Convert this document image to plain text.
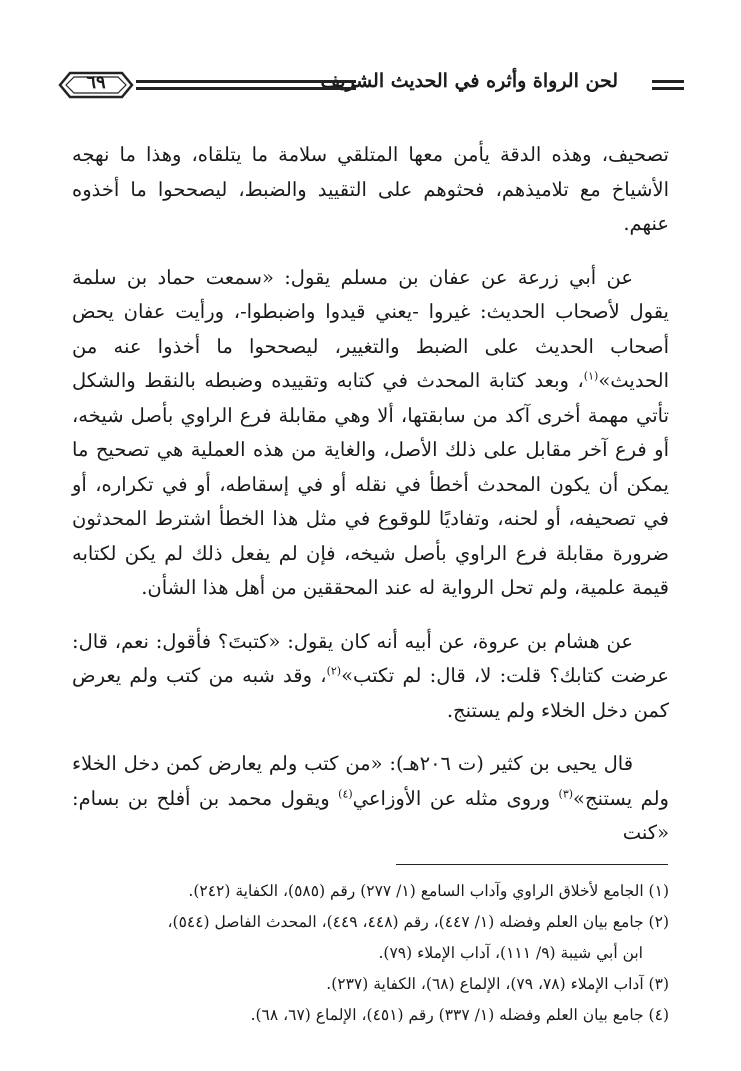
لحن الرواة وأثره في الحديث الشريف
٦٩

تصحيف، وهذه الدقة يأمن معها المتلقي سلامة ما يتلقاه، وهذا ما نهجه الأشياخ مع تلاميذهم، فحثوهم على التقييد والضبط، ليصححوا ما أخذوه عنهم.

عن أبي زرعة عن عفان بن مسلم يقول: «سمعت حماد بن سلمة يقول لأصحاب الحديث: غيروا -يعني قيدوا واضبطوا-، ورأيت عفان يحض أصحاب الحديث على الضبط والتغيير، ليصححوا ما أخذوا عنه من الحديث»$^{(١)}$، وبعد كتابة المحدث في كتابه وتقييده وضبطه بالنقط والشكل تأتي مهمة أخرى آكد من سابقتها، ألا وهي مقابلة فرع الراوي بأصل شيخه، أو فرع آخر مقابل على ذلك الأصل، والغاية من هذه العملية هي تصحيح ما يمكن أن يكون المحدث أخطأ في نقله أو في إسقاطه، أو في تكراره، أو في تصحيفه، أو لحنه، وتفاديًا للوقوع في مثل هذا الخطأ اشترط المحدثون ضرورة مقابلة فرع الراوي بأصل شيخه، فإن لم يفعل ذلك لم يكن لكتابه قيمة علمية، ولم تحل الرواية له عند المحققين من أهل هذا الشأن.

عن هشام بن عروة، عن أبيه أنه كان يقول: «كتبتَ؟ فأقول: نعم، قال: عرضت كتابك؟ قلت: لا، قال: لم تكتب»$^{(٢)}$، وقد شبه من كتب ولم يعرض كمن دخل الخلاء ولم يستنج.

قال يحيى بن كثير (ت ٢٠٦هـ): «من كتب ولم يعارض كمن دخل الخلاء ولم يستنج»$^{(٣)}$ وروى مثله عن الأوزاعي$^{(٤)}$ ويقول محمد بن أفلح بن بسام: «كنت

(١) الجامع لأخلاق الراوي وآداب السامع (١/ ٢٧٧) رقم (٥٨٥)، الكفاية (٢٤٢).

(٢) جامع بيان العلم وفضله (١/ ٤٤٧)، رقم (٤٤٨، ٤٤٩)، المحدث الفاصل (٥٤٤)،

ابن أبي شيبة (٩/ ١١١)، آداب الإملاء (٧٩).

(٣) آداب الإملاء (٧٨، ٧٩)، الإلماع (٦٨)، الكفاية (٢٣٧).

(٤) جامع بيان العلم وفضله (١/ ٣٣٧) رقم (٤٥١)، الإلماع (٦٧، ٦٨).
